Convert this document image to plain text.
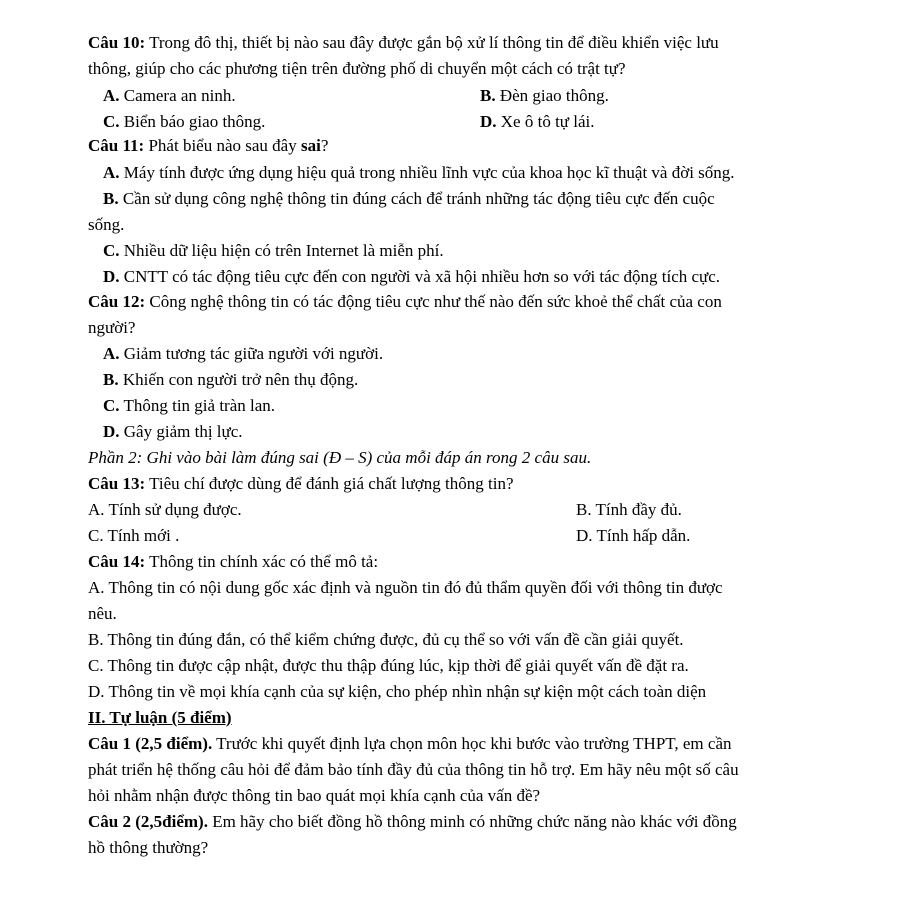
Câu 10: Trong đô thị, thiết bị nào sau đây được gắn bộ xử lí thông tin để điều khiển việc lưu
thông, giúp cho các phương tiện trên đường phố di chuyển một cách có trật tự?
A. Camera an ninh.	B. Đèn giao thông.
C. Biển báo giao thông.	D. Xe ô tô tự lái.
Câu 11: Phát biểu nào sau đây sai?
A. Máy tính được ứng dụng hiệu quả trong nhiều lĩnh vực của khoa học kĩ thuật và đời sống.
B. Cần sử dụng công nghệ thông tin đúng cách để tránh những tác động tiêu cực đến cuộc
sống.
C. Nhiều dữ liệu hiện có trên Internet là miễn phí.
D. CNTT có tác động tiêu cực đến con người và xã hội nhiều hơn so với tác động tích cực.
Câu 12: Công nghệ thông tin có tác động tiêu cực như thế nào đến sức khoẻ thể chất của con
người?
A. Giảm tương tác giữa người với người.
B. Khiến con người trở nên thụ động.
C. Thông tin giả tràn lan.
D. Gây giảm thị lực.
Phần 2: Ghi vào bài làm đúng sai (Đ – S) của mỗi đáp án rong 2 câu sau.
Câu 13: Tiêu chí được dùng để đánh giá chất lượng thông tin?
A. Tính sử dụng được.	B. Tính đầy đủ.
C. Tính mới .	D. Tính hấp dẫn.
Câu 14: Thông tin chính xác có thể mô tả:
A. Thông tin có nội dung gốc xác định và nguồn tin đó đủ thẩm quyền đối với thông tin được
nêu.
B. Thông tin đúng đắn, có thể kiểm chứng được, đủ cụ thể so với vấn đề cần giải quyết.
C. Thông tin được cập nhật, được thu thập đúng lúc, kịp thời để giải quyết vấn đề đặt ra.
D. Thông tin về mọi khía cạnh của sự kiện, cho phép nhìn nhận sự kiện một cách toàn diện
II. Tự luận (5 điểm)
Câu 1 (2,5 điểm). Trước khi quyết định lựa chọn môn học khi bước vào trường THPT, em cần
phát triển hệ thống câu hỏi để đảm bảo tính đầy đủ của thông tin hỗ trợ. Em hãy nêu một số câu
hỏi nhằm nhận được thông tin bao quát mọi khía cạnh của vấn đề?
Câu 2 (2,5điểm). Em hãy cho biết đồng hồ thông minh có những chức năng nào khác với đồng
hồ thông thường?
